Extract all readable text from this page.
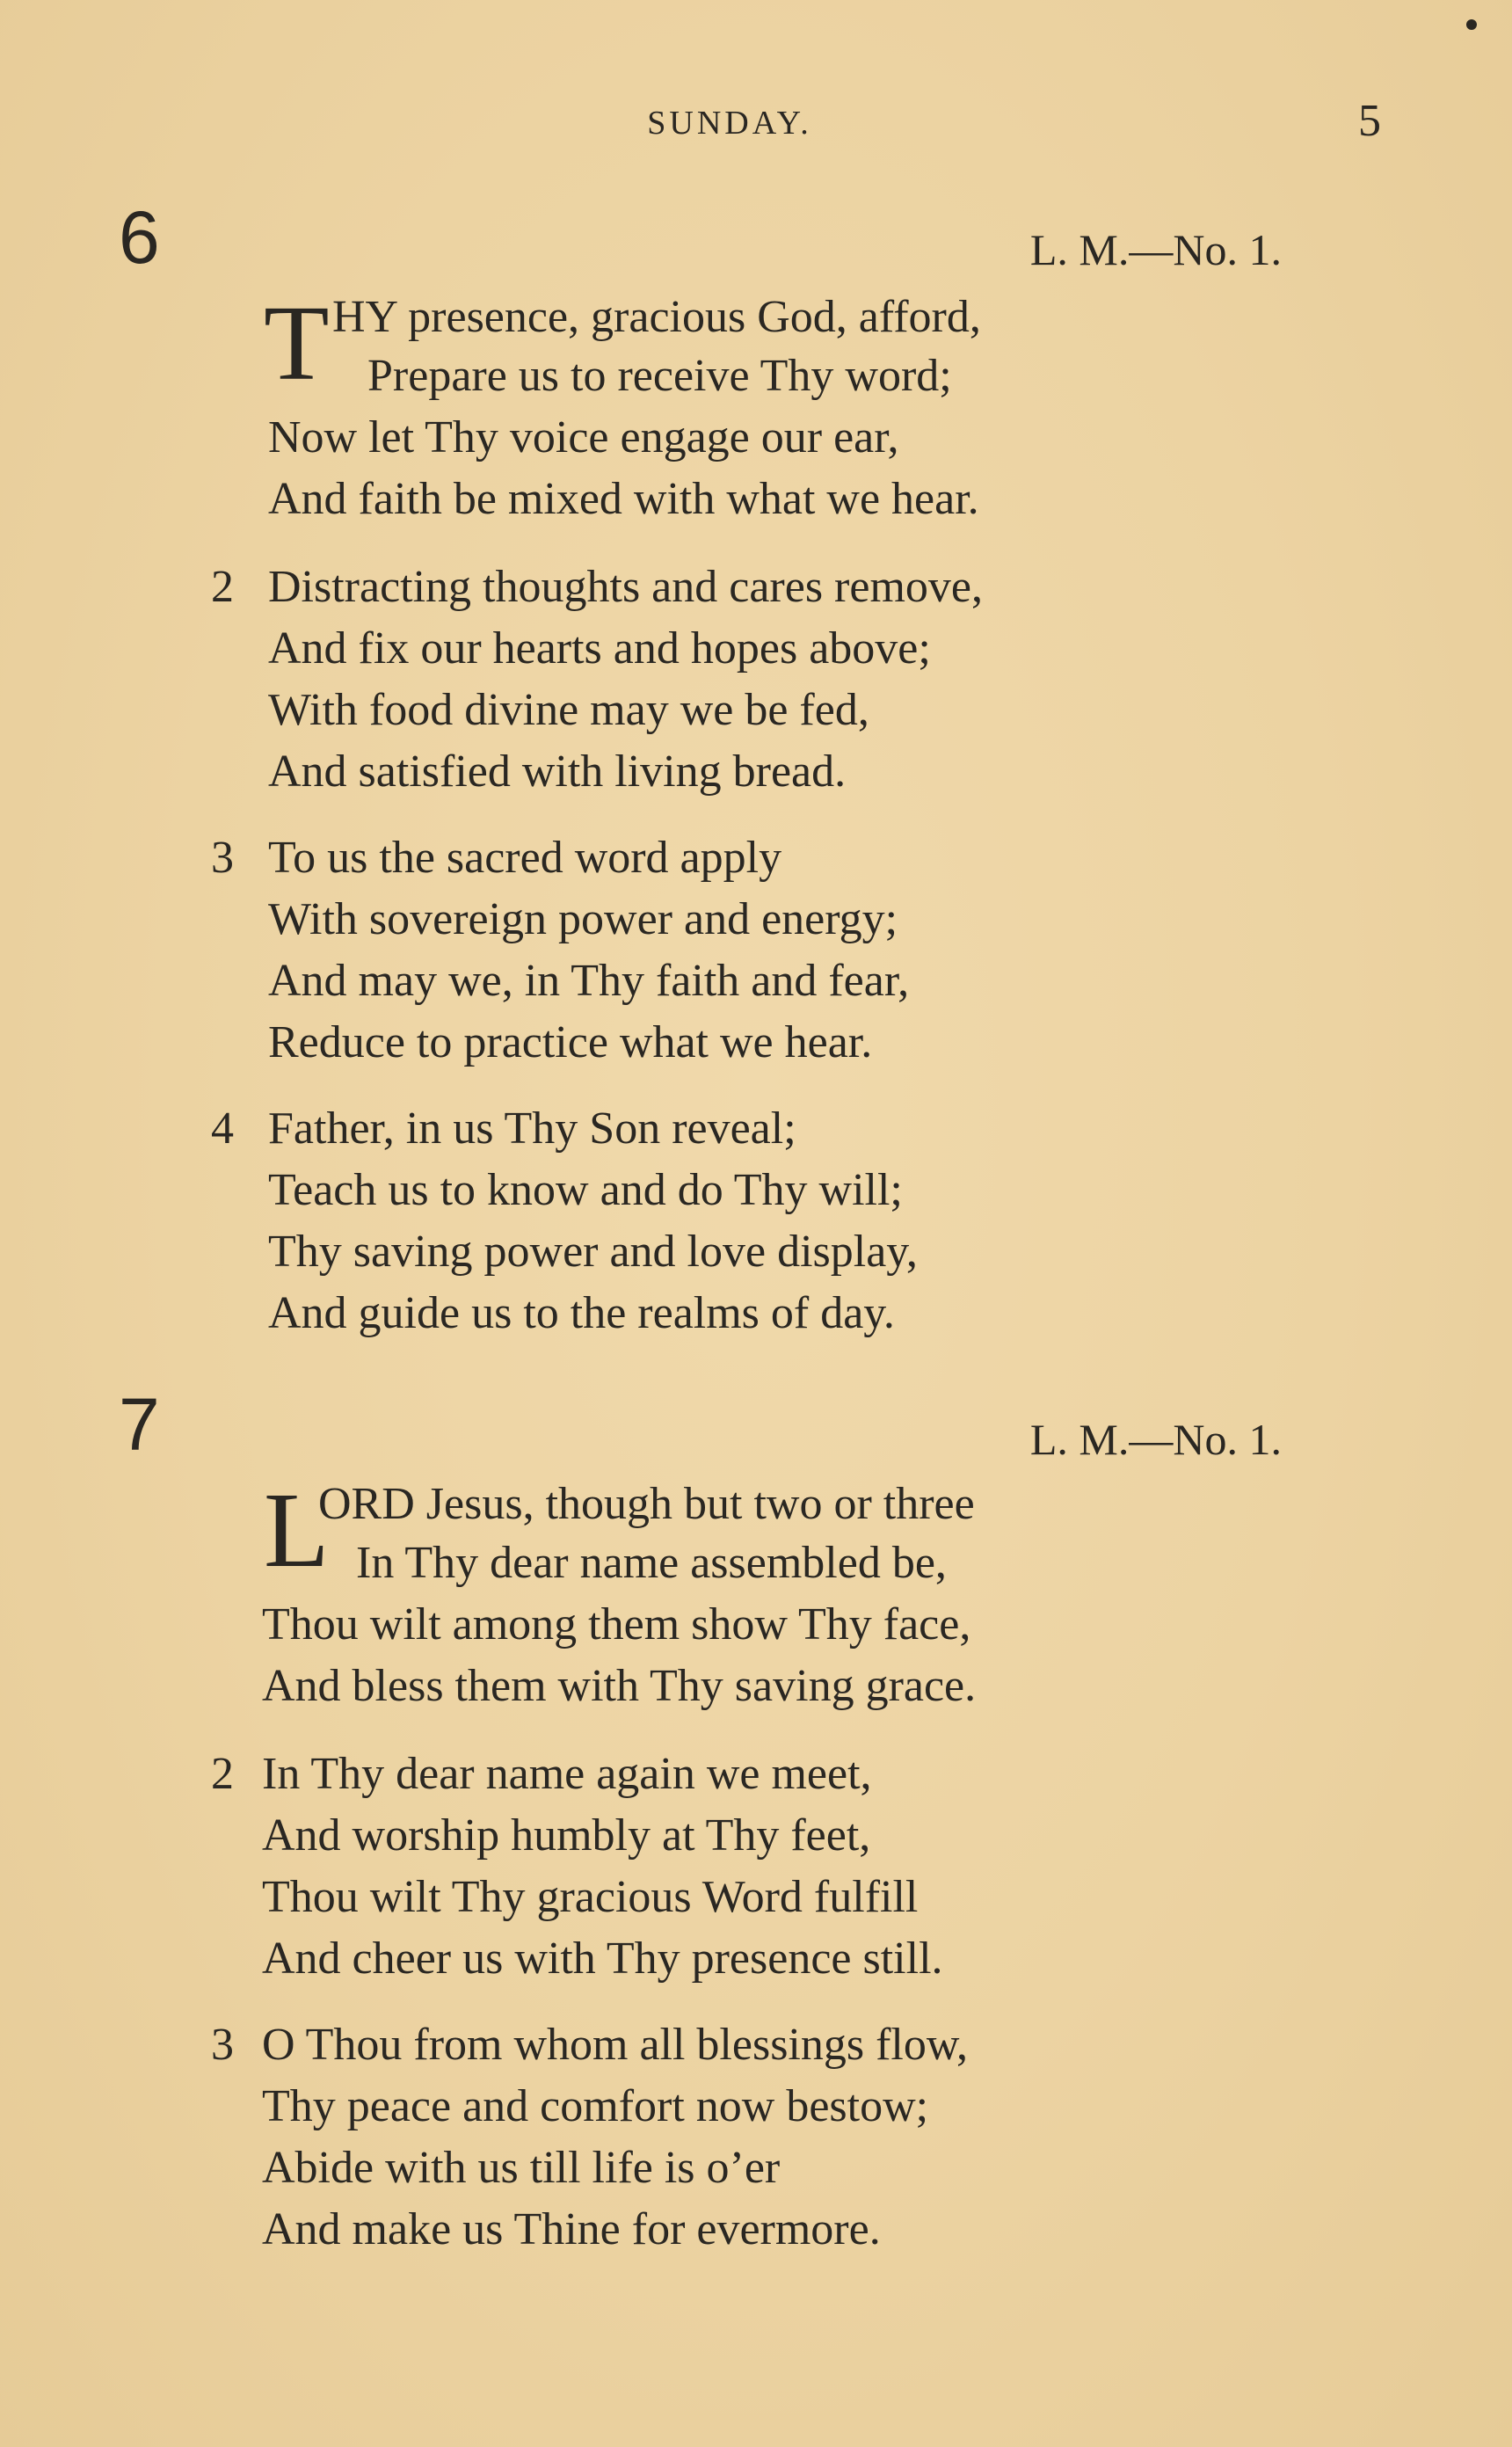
SUNDAY.	5
6	L. M.—No. 1.
T HY presence, gracious God, afford,
Prepare us to receive Thy word;
Now let Thy voice engage our ear,
And faith be mixed with what we hear.
2 Distracting thoughts and cares remove,
And fix our hearts and hopes above;
With food divine may we be fed,
And satisfied with living bread.
3 To us the sacred word apply
With sovereign power and energy;
And may we, in Thy faith and fear,
Reduce to practice what we hear.
4 Father, in us Thy Son reveal;
Teach us to know and do Thy will;
Thy saving power and love display,
And guide us to the realms of day.
7	L. M.—No. 1.
L
ORD Jesus, though but two or three
In Thy dear name assembled be,
Thou wilt among them show Thy face,
And bless them with Thy saving grace.
2 In Thy dear name again we meet,
And worship humbly at Thy feet,
Thou wilt Thy gracious Word fulfill
And cheer us with Thy presence still.
3 O Thou from whom all blessings flow,
Thy peace and comfort now bestow;
Abide with us till life is o’er
And make us Thine for evermore.
